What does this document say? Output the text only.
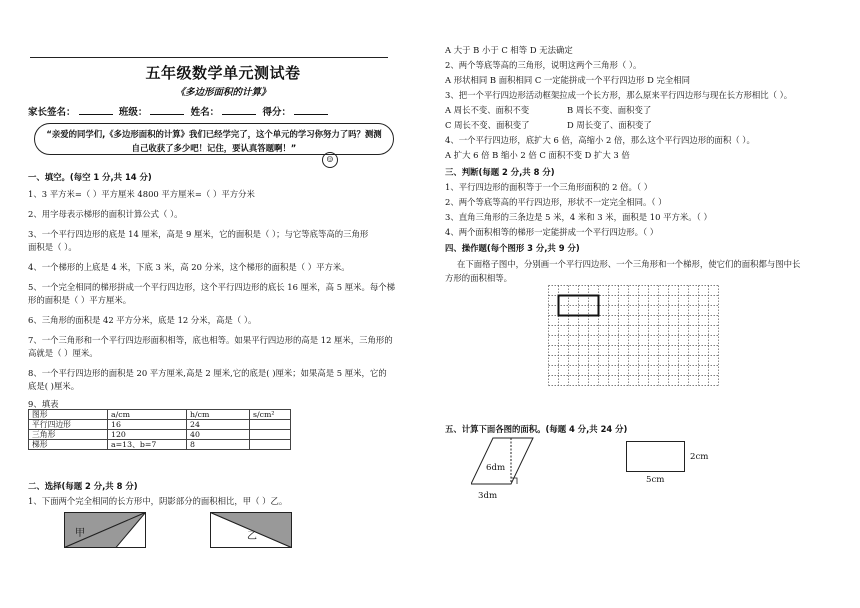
五年级数学单元测试卷
《多边形面积的计算》
家长签名：	班级：	姓名：	得分：
“亲爱的同学们,《多边形面积的计算》我们已经学完了，这个单元的学习你努力了吗？测测自己收获了多少吧！记住，要认真答题啊！”
☺
一、填空。(每空 1 分,共 14 分)
1、3 平方米=（ ）平方厘米 4800 平方厘米=（ ）平方分米
2、用字母表示梯形的面积计算公式（ ）。
3、一个平行四边形的底是 14 厘米，高是 9 厘米，它的面积是（ ）；与它等底等高的三角形
面积是（ ）。
4、一个梯形的上底是 4 米，下底 3 米，高 20 分米，这个梯形的面积是（ ）平方米。
5、一个完全相同的梯形拼成一个平行四边形，这个平行四边形的底长 16 厘米，高 5 厘米。每个梯
形的面积是（ ）平方厘米。
6、三角形的面积是 42 平方分米，底是 12 分米，高是（ ）。
7、一个三角形和一个平行四边形面积相等，底也相等。如果平行四边形的高是 12 厘米，三角形的
高就是（ ）厘米。
8、一个平行四边形的面积是 20 平方厘米,高是 2 厘米,它的底是( )厘米；如果高是 5 厘米，它的
底是( )厘米。
9、填表
图形	a/cm	h/cm	s/cm²
平行四边形	16	24	
三角形	120	40	
梯形	a=13、b=7	8	
二、选择(每题 2 分,共 8 分)
1、下面两个完全相同的长方形中，阴影部分的面积相比，甲（ ）乙。
甲	乙
A 大于 B 小于 C 相等 D 无法确定
2、两个等底等高的三角形，说明这两个三角形（ ）。
A 形状相同 B 面积相同 C 一定能拼成一个平行四边形 D 完全相同
3、把一个平行四边形活动框架拉成一个长方形，那么原来平行四边形与现在长方形相比（ ）。
A 周长不变、面积不变	B 周长不变、面积变了
C 周长不变、面积变了	D 周长变了、面积变了
4、一个平行四边形，底扩大 6 倍，高缩小 2 倍，那么这个平行四边形的面积（ ）。
A 扩大 6 倍 B 缩小 2 倍 C 面积不变 D 扩大 3 倍
三、判断(每题 2 分,共 8 分)
1、平行四边形的面积等于一个三角形面积的 2 倍。（ ）
2、两个等底等高的平行四边形，形状不一定完全相同。（ ）
3、直角三角形的三条边是 5 米，4 米和 3 米，面积是 10 平方米。（ ）
4、两个面积相等的梯形一定能拼成一个平行四边形。（ ）
四、操作题(每个图形 3 分,共 9 分)
在下面格子图中，分别画一个平行四边形、一个三角形和一个梯形，使它们的面积都与图中长
方形的面积相等。
五、计算下面各图的面积。(每题 4 分,共 24 分)
6dm
3dm
2cm
5cm
